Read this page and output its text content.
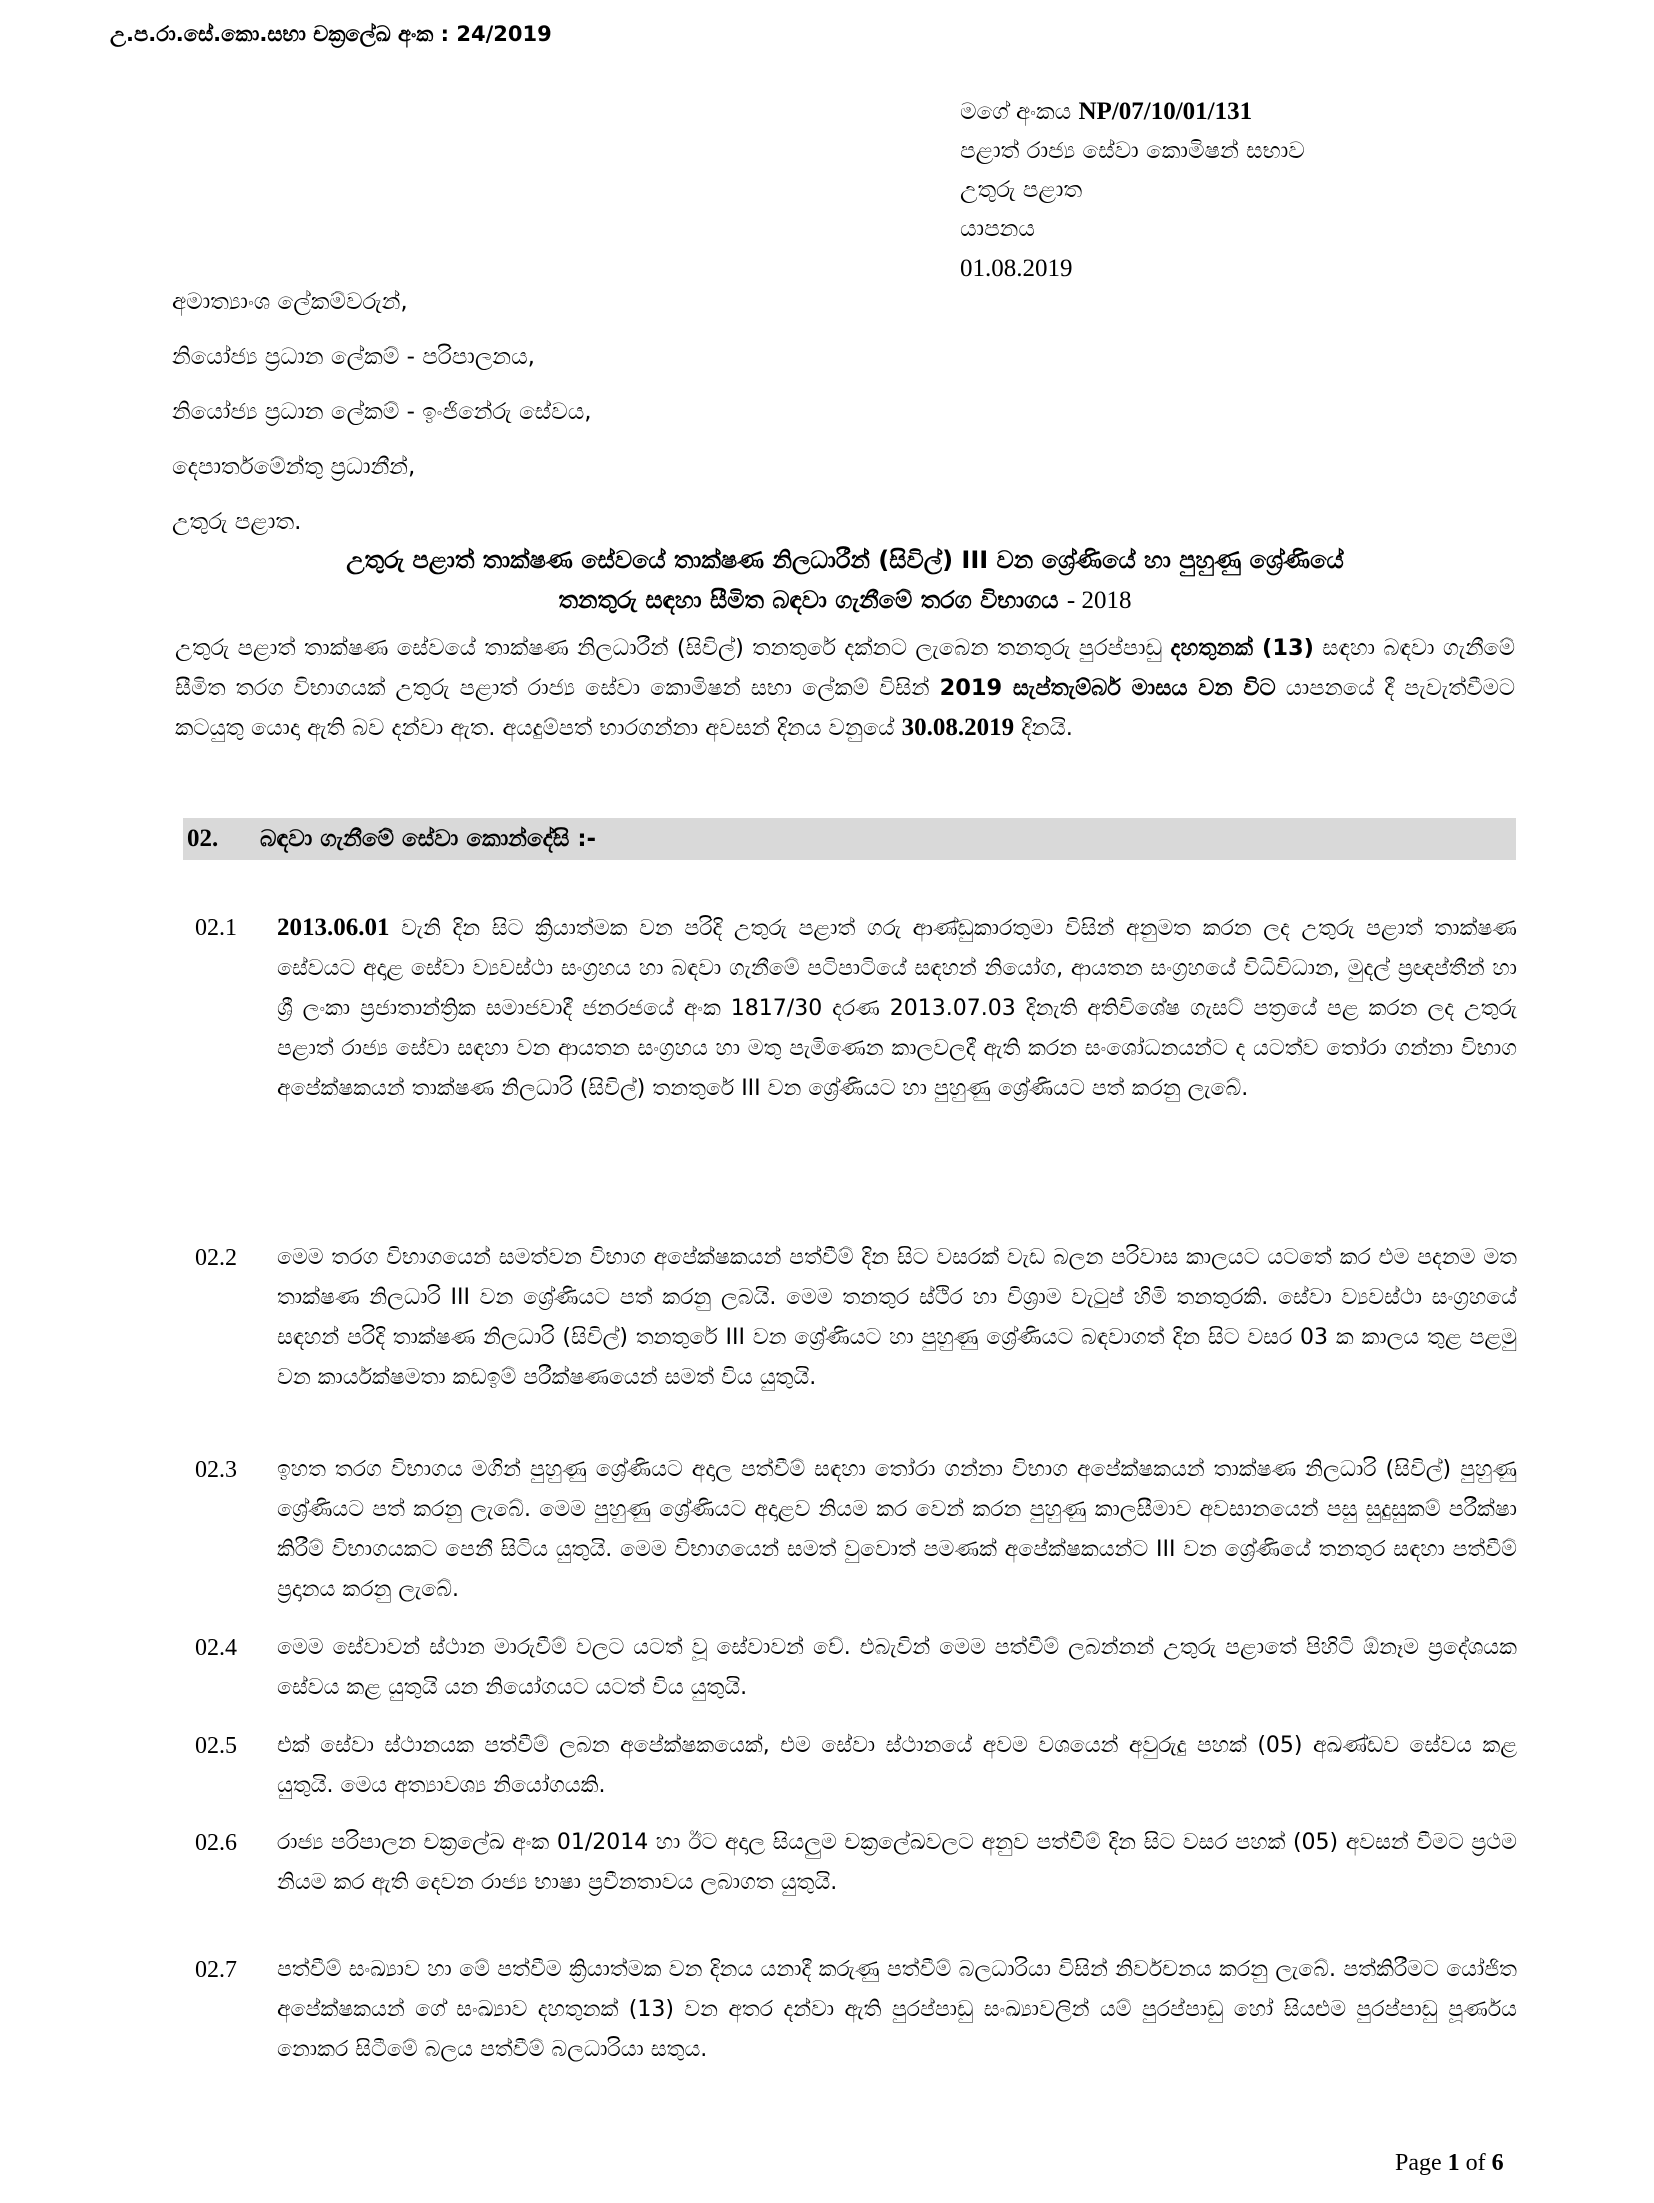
උ.ප.රා.සේ.කො.සභා චක්‍රලේඛ අංක : 24/2019
මගේ අංකය NP/07/10/01/131
පළාත් රාජ්‍ය සේවා කොමිෂන් සභාව
උතුරු පළාත
යාපනය
01.08.2019
අමාත්‍යාංශ ලේකම්වරුන්,
නියෝජ්‍ය ප්‍රධාන ලේකම් - පරිපාලනය,
නියෝජ්‍ය ප්‍රධාන ලේකම් - ඉංජිනේරු සේවය,
දෙපාර්තමේන්තු ප්‍රධානීන්,
උතුරු පළාත.
උතුරු පළාත් තාක්ෂණ සේවයේ තාක්ෂණ නිලධාරීන් (සිවිල්) III වන ශ්‍රේණියේ හා පුහුණු ශ්‍රේණියේ
තනතුරු සඳහා සීමිත බඳවා ගැනීමේ තරග විභාගය - 2018
උතුරු පළාත් තාක්ෂණ සේවයේ තාක්ෂණ නිලධාරීන් (සිවිල්) තනතුරේ දක්නට ලැබෙන තනතුරු පුරප්පාඩු දහතුනක් (13) සඳහා බඳවා ගැනීමේ සීමිත තරග විභාගයක් උතුරු පළාත් රාජ්‍ය සේවා කොමිෂන් සභා ලේකම් විසින් 2019 සැප්තැම්බර් මාසය වන විට යාපනයේ දී පැවැත්වීමට කටයුතු යොදා ඇති බව දන්වා ඇත. අයදුම්පත් භාරගන්නා අවසන් දිනය වනුයේ 30.08.2019 දිනයි.
02. බඳවා ගැනීමේ සේවා කොන්දේසි :-
02.1 2013.06.01 වැනි දින සිට ක්‍රියාත්මක වන පරිදි උතුරු පළාත් ගරු ආණ්ඩුකාරතුමා විසින් අනුමත කරන ලද උතුරු පළාත් තාක්ෂණ සේවයට අදාළ සේවා ව්‍යවස්ථා සංග්‍රහය හා බඳවා ගැනීමේ පටිපාටියේ සඳහන් නියෝග, ආයතන සංග්‍රහයේ විධිවිධාන, මුදල් ප්‍රඥප්තීන් හා ශ්‍රී ලංකා ප්‍රජාතාන්ත්‍රික සමාජවාදී ජනරජයේ අංක 1817/30 දරණ 2013.07.03 දිනැති අතිවිශේෂ ගැසට් පත්‍රයේ පළ කරන ලද උතුරු පළාත් රාජ්‍ය සේවා සඳහා වන ආයතන සංග්‍රහය හා මතු පැමිණෙන කාලවලදී ඇති කරන සංශෝධනයන්ට ද යටත්ව තෝරා ගන්නා විභාග අපේක්ෂකයන් තාක්ෂණ නිලධාරි (සිවිල්) තනතුරේ III වන ශ්‍රේණියට හා පුහුණු ශ්‍රේණියට පත් කරනු ලැබේ.
02.2 මෙම තරග විභාගයෙන් සමත්වන විභාග අපේක්ෂකයන් පත්වීම් දින සිට වසරක් වැඩ බලන පරිවාස කාලයට යටතේ කර එම පදනම මත තාක්ෂණ නිලධාරි III වන ශ්‍රේණියට පත් කරනු ලබයි. මෙම තනතුර ස්ථිර හා විශ්‍රාම වැටුප් හිමි තනතුරකි. සේවා ව්‍යවස්ථා සංග්‍රහයේ සඳහන් පරිදි තාක්ෂණ නිලධාරි (සිවිල්) තනතුරේ III වන ශ්‍රේණියට හා පුහුණු ශ්‍රේණියට බඳවාගත් දින සිට වසර 03 ක කාලය තුළ පළමු වන කාර්යක්ෂමතා කඩඉම් පරීක්ෂණයෙන් සමත් විය යුතුයි.
02.3 ඉහත තරග විභාගය මගින් පුහුණු ශ්‍රේණියට අදාල පත්වීම් සඳහා තෝරා ගන්නා විභාග අපේක්ෂකයන් තාක්ෂණ නිලධාරි (සිවිල්) පුහුණු ශ්‍රේණියට පත් කරනු ලැබේ. මෙම පුහුණු ශ්‍රේණියට අදාළව නියම කර වෙන් කරන පුහුණු කාලසීමාව අවසානයෙන් පසු සුදුසුකම් පරීක්ෂා කිරීම් විභාගයකට පෙනී සිටිය යුතුයි. මෙම විභාගයෙන් සමත් වුවොත් පමණක් අපේක්ෂකයන්ට III වන ශ්‍රේණියේ තනතුර සඳහා පත්වීම් ප්‍රදානය කරනු ලැබේ.
02.4 මෙම සේවාවන් ස්ථාන මාරුවීම් වලට යටත් වූ සේවාවන් වේ. එබැවින් මෙම පත්වීම් ලබන්නන් උතුරු පළාතේ පිහිටි ඕනෑම ප්‍රදේශයක සේවය කළ යුතුයි යන නියෝගයට යටත් විය යුතුයි.
02.5 එක් සේවා ස්ථානයක පත්වීම් ලබන අපේක්ෂකයෙක්, එම සේවා ස්ථානයේ අවම වශයෙන් අවුරුදු පහක් (05) අඛණ්ඩව සේවය කළ යුතුයි. මෙය අත්‍යාවශ්‍ය නියෝගයකි.
02.6 රාජ්‍ය පරිපාලන චක්‍රලේඛ අංක 01/2014 හා ඊට අදාල සියලුම චක්‍රලේඛවලට අනුව පත්වීම් දින සිට වසර පහක් (05) අවසන් වීමට ප්‍රථම නියම කර ඇති දෙවන රාජ්‍ය භාෂා ප්‍රවීනතාවය ලබාගත යුතුයි.
02.7 පත්වීම් සංඛ්‍යාව හා මේ පත්වීම ක්‍රියාත්මක වන දිනය යනාදී කරුණු පත්වීම් බලධාරියා විසින් නිර්වචනය කරනු ලැබේ. පත්කිරීමට යෝජිත අපේක්ෂකයන් ගේ සංඛ්‍යාව දහතුනක් (13) වන අතර දන්වා ඇති පුරප්පාඩු සංඛ්‍යාවලින් යම් පුරප්පාඩු හෝ සියළුම පුරප්පාඩු පූර්ණය නොකර සිටීමේ බලය පත්වීම් බලධාරියා සතුය.
Page 1 of 6
